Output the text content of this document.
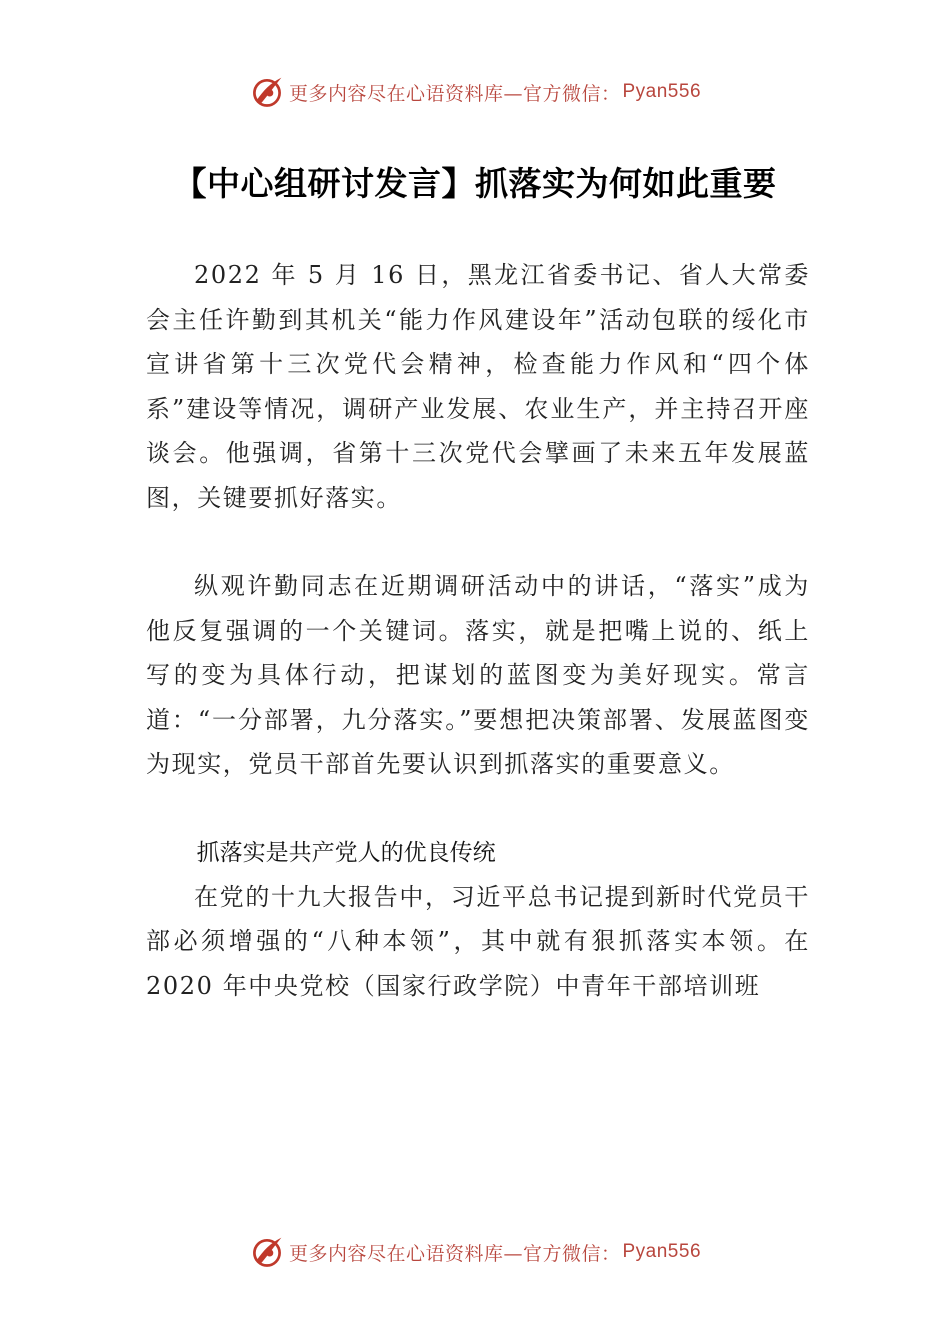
更多内容尽在心语资料库—官方微信： Pyan556
【中心组研讨发言】抓落实为何如此重要

2022 年 5 月 16 日，黑龙江省委书记、省人大常委会主任许勤到其机关“能力作风建设年”活动包联的绥化市宣讲省第十三次党代会精神，检查能力作风和“四个体系”建设等情况，调研产业发展、农业生产，并主持召开座谈会。他强调，省第十三次党代会擘画了未来五年发展蓝图，关键要抓好落实。

纵观许勤同志在近期调研活动中的讲话，“落实”成为他反复强调的一个关键词。落实，就是把嘴上说的、纸上写的变为具体行动，把谋划的蓝图变为美好现实。常言道：“一分部署，九分落实。”要想把决策部署、发展蓝图变为现实，党员干部首先要认识到抓落实的重要意义。

抓落实是共产党人的优良传统

在党的十九大报告中，习近平总书记提到新时代党员干部必须增强的“八种本领”，其中就有狠抓落实本领。在 2020 年中央党校（国家行政学院）中青年干部培训班

更多内容尽在心语资料库—官方微信： Pyan556
